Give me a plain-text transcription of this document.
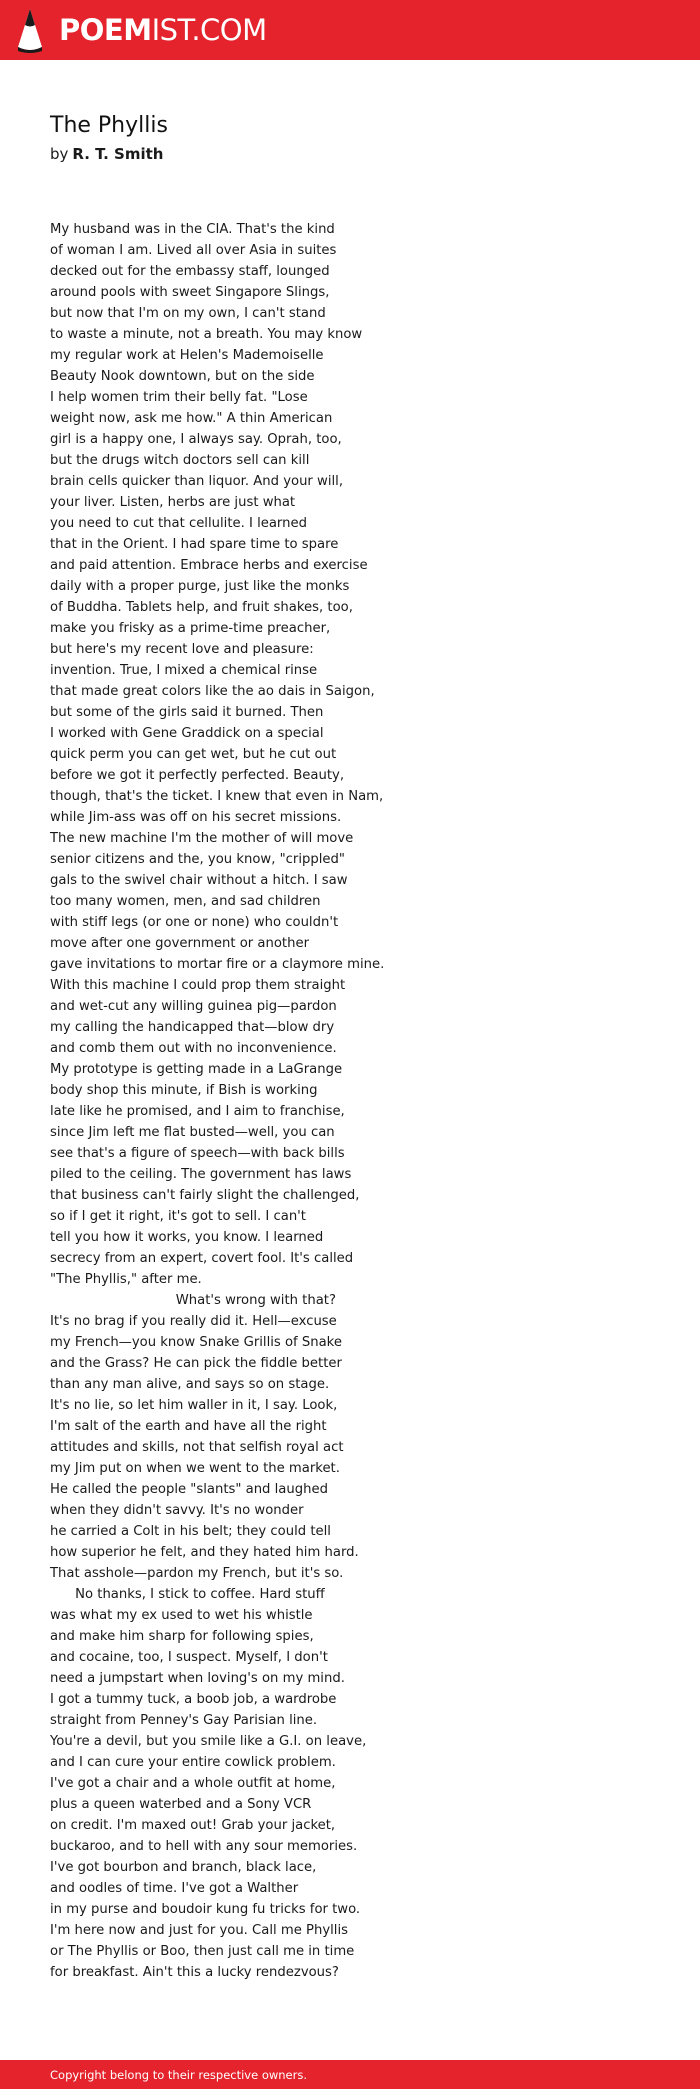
POEMIST.COM
The Phyllis
by R. T. Smith
My husband was in the CIA. That's the kind
of woman I am. Lived all over Asia in suites
decked out for the embassy staff, lounged
around pools with sweet Singapore Slings,
but now that I'm on my own, I can't stand
to waste a minute, not a breath. You may know
my regular work at Helen's Mademoiselle
Beauty Nook downtown, but on the side
I help women trim their belly fat. "Lose
weight now, ask me how." A thin American
girl is a happy one, I always say. Oprah, too,
but the drugs witch doctors sell can kill
brain cells quicker than liquor. And your will,
your liver. Listen, herbs are just what
you need to cut that cellulite. I learned
that in the Orient. I had spare time to spare
and paid attention. Embrace herbs and exercise
daily with a proper purge, just like the monks
of Buddha. Tablets help, and fruit shakes, too,
make you frisky as a prime-time preacher,
but here's my recent love and pleasure:
invention. True, I mixed a chemical rinse
that made great colors like the ao dais in Saigon,
but some of the girls said it burned. Then
I worked with Gene Graddick on a special
quick perm you can get wet, but he cut out
before we got it perfectly perfected. Beauty,
though, that's the ticket. I knew that even in Nam,
while Jim-ass was off on his secret missions.
The new machine I'm the mother of will move
senior citizens and the, you know, "crippled"
gals to the swivel chair without a hitch. I saw
too many women, men, and sad children
with stiff legs (or one or none) who couldn't
move after one government or another
gave invitations to mortar fire or a claymore mine.
With this machine I could prop them straight
and wet-cut any willing guinea pig—pardon
my calling the handicapped that—blow dry
and comb them out with no inconvenience.
My prototype is getting made in a LaGrange
body shop this minute, if Bish is working
late like he promised, and I aim to franchise,
since Jim left me flat busted—well, you can
see that's a figure of speech—with back bills
piled to the ceiling. The government has laws
that business can't fairly slight the challenged,
so if I get it right, it's got to sell. I can't
tell you how it works, you know. I learned
secrecy from an expert, covert fool. It's called
"The Phyllis," after me.
What's wrong with that?
It's no brag if you really did it. Hell—excuse
my French—you know Snake Grillis of Snake
and the Grass? He can pick the fiddle better
than any man alive, and says so on stage.
It's no lie, so let him waller in it, I say. Look,
I'm salt of the earth and have all the right
attitudes and skills, not that selfish royal act
my Jim put on when we went to the market.
He called the people "slants" and laughed
when they didn't savvy. It's no wonder
he carried a Colt in his belt; they could tell
how superior he felt, and they hated him hard.
That asshole—pardon my French, but it's so.
No thanks, I stick to coffee. Hard stuff
was what my ex used to wet his whistle
and make him sharp for following spies,
and cocaine, too, I suspect. Myself, I don't
need a jumpstart when loving's on my mind.
I got a tummy tuck, a boob job, a wardrobe
straight from Penney's Gay Parisian line.
You're a devil, but you smile like a G.I. on leave,
and I can cure your entire cowlick problem.
I've got a chair and a whole outfit at home,
plus a queen waterbed and a Sony VCR
on credit. I'm maxed out! Grab your jacket,
buckaroo, and to hell with any sour memories.
I've got bourbon and branch, black lace,
and oodles of time. I've got a Walther
in my purse and boudoir kung fu tricks for two.
I'm here now and just for you. Call me Phyllis
or The Phyllis or Boo, then just call me in time
for breakfast. Ain't this a lucky rendezvous?
Copyright belong to their respective owners.
